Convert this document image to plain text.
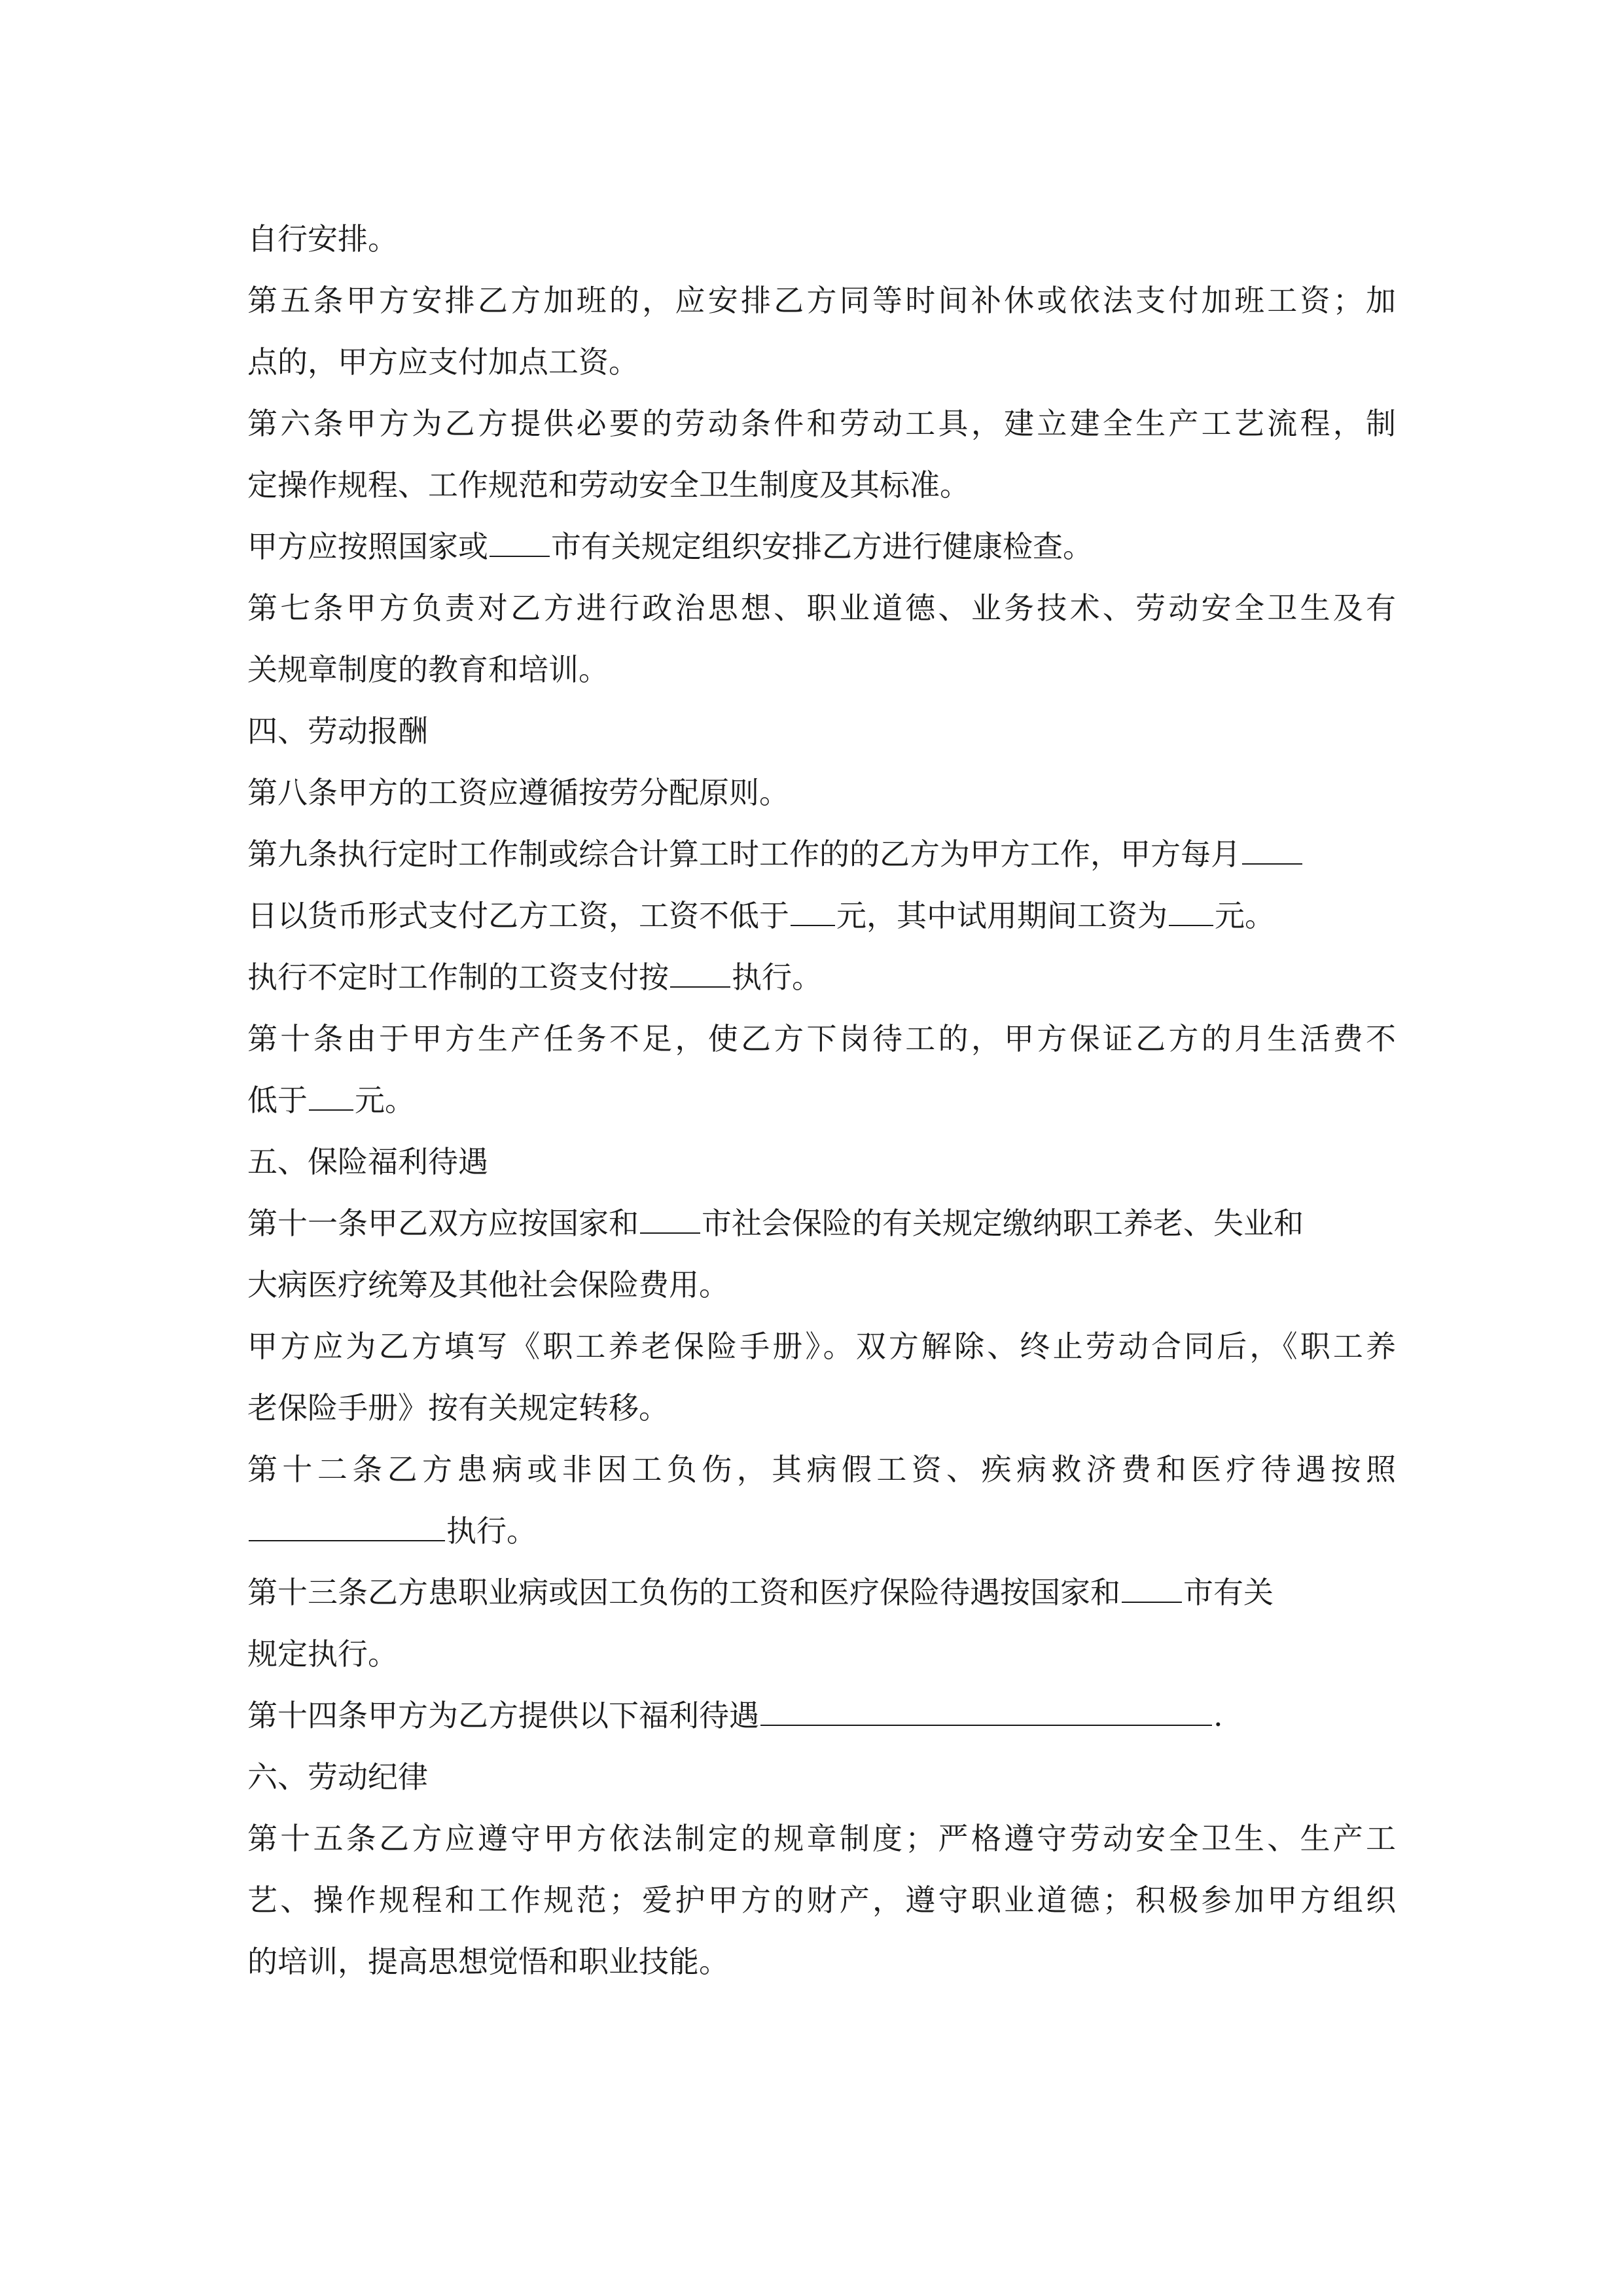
自行安排。
第五条甲方安排乙方加班的，应安排乙方同等时间补休或依法支付加班工资；加
点的，甲方应支付加点工资。
第六条甲方为乙方提供必要的劳动条件和劳动工具，建立建全生产工艺流程，制
定操作规程、工作规范和劳动安全卫生制度及其标准。
甲方应按照国家或 市有关规定组织安排乙方进行健康检查。
第七条甲方负责对乙方进行政治思想、职业道德、业务技术、劳动安全卫生及有
关规章制度的教育和培训。
四、劳动报酬
第八条甲方的工资应遵循按劳分配原则。
第九条执行定时工作制或综合计算工时工作的的乙方为甲方工作，甲方每月
日以货币形式支付乙方工资，工资不低于 元，其中试用期间工资为 元。
执行不定时工作制的工资支付按 执行。
第十条由于甲方生产任务不足，使乙方下岗待工的，甲方保证乙方的月生活费不
低于 元。
五、保险福利待遇
第十一条甲乙双方应按国家和 市社会保险的有关规定缴纳职工养老、失业和
大病医疗统筹及其他社会保险费用。
甲方应为乙方填写《职工养老保险手册》。双方解除、终止劳动合同后，《职工养
老保险手册》按有关规定转移。
第十二条乙方患病或非因工负伤，其病假工资、疾病救济费和医疗待遇按照
执行。
第十三条乙方患职业病或因工负伤的工资和医疗保险待遇按国家和 市有关
规定执行。
第十四条甲方为乙方提供以下福利待遇	.
六、劳动纪律
第十五条乙方应遵守甲方依法制定的规章制度；严格遵守劳动安全卫生、生产工
艺、操作规程和工作规范；爱护甲方的财产，遵守职业道德；积极参加甲方组织
的培训，提高思想觉悟和职业技能。
